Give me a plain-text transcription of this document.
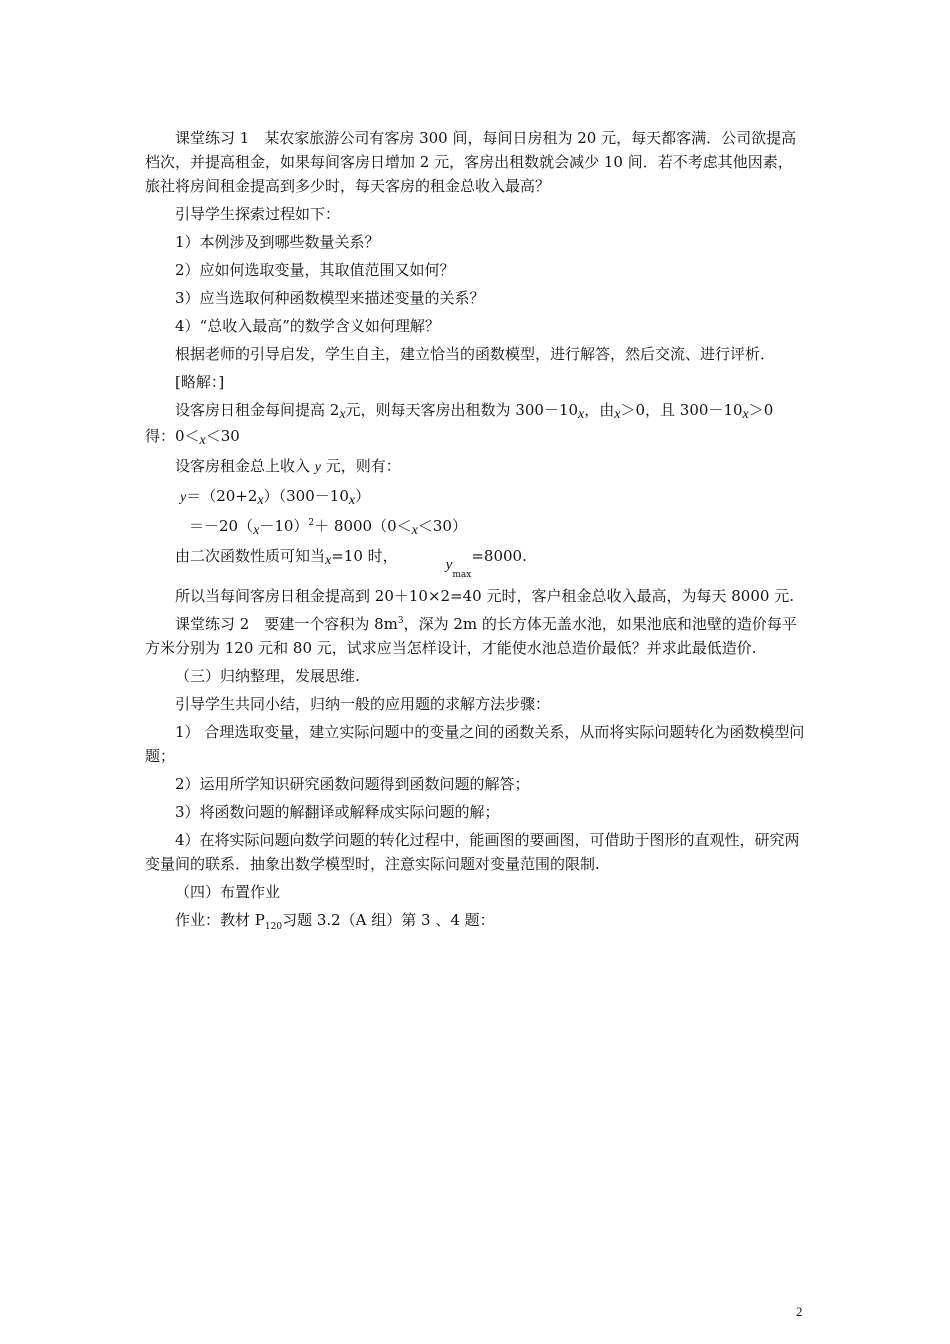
课堂练习 1　某农家旅游公司有客房 300 间，每间日房租为 20 元，每天都客满．公司欲提高档次，并提高租金，如果每间客房日增加 2 元，客房出租数就会减少 10 间．若不考虑其他因素，旅社将房间租金提高到多少时，每天客房的租金总收入最高？

引导学生探索过程如下：

1）本例涉及到哪些数量关系？

2）应如何选取变量，其取值范围又如何？

3）应当选取何种函数模型来描述变量的关系？

4）“总收入最高”的数学含义如何理解？

根据老师的引导启发，学生自主，建立恰当的函数模型，进行解答，然后交流、进行评析．

[略解：]

设客房日租金每间提高 2x元，则每天客房出租数为 300－10x，由x＞0，且 300－10x＞0 得：0＜x＜30

设客房租金总上收入 y 元，则有：

y＝（20+2x）（300－10x）

$=-20(x-10)^2+ 8000(0<x<30)$

由二次函数性质可知当x=10 时，	$y_{max}=8000$.

所以当每间客房日租金提高到 20＋10×2=40 元时，客户租金总收入最高，为每天 8000 元.

课堂练习 2　要建一个容积为 $8m^3$，深为 2m 的长方体无盖水池，如果池底和池壁的造价每平方米分别为 120 元和 80 元，试求应当怎样设计，才能使水池总造价最低？并求此最低造价.

（三）归纳整理，发展思维.

引导学生共同小结，归纳一般的应用题的求解方法步骤：

1） 合理选取变量，建立实际问题中的变量之间的函数关系，从而将实际问题转化为函数模型问题；

2）运用所学知识研究函数问题得到函数问题的解答；

3）将函数问题的解翻译或解释成实际问题的解；

4）在将实际问题向数学问题的转化过程中，能画图的要画图，可借助于图形的直观性，研究两变量间的联系．抽象出数学模型时，注意实际问题对变量范围的限制.

（四）布置作业

作业：教材 $P_{120}$习题 3.2（A 组）第 3 、4 题：

2
